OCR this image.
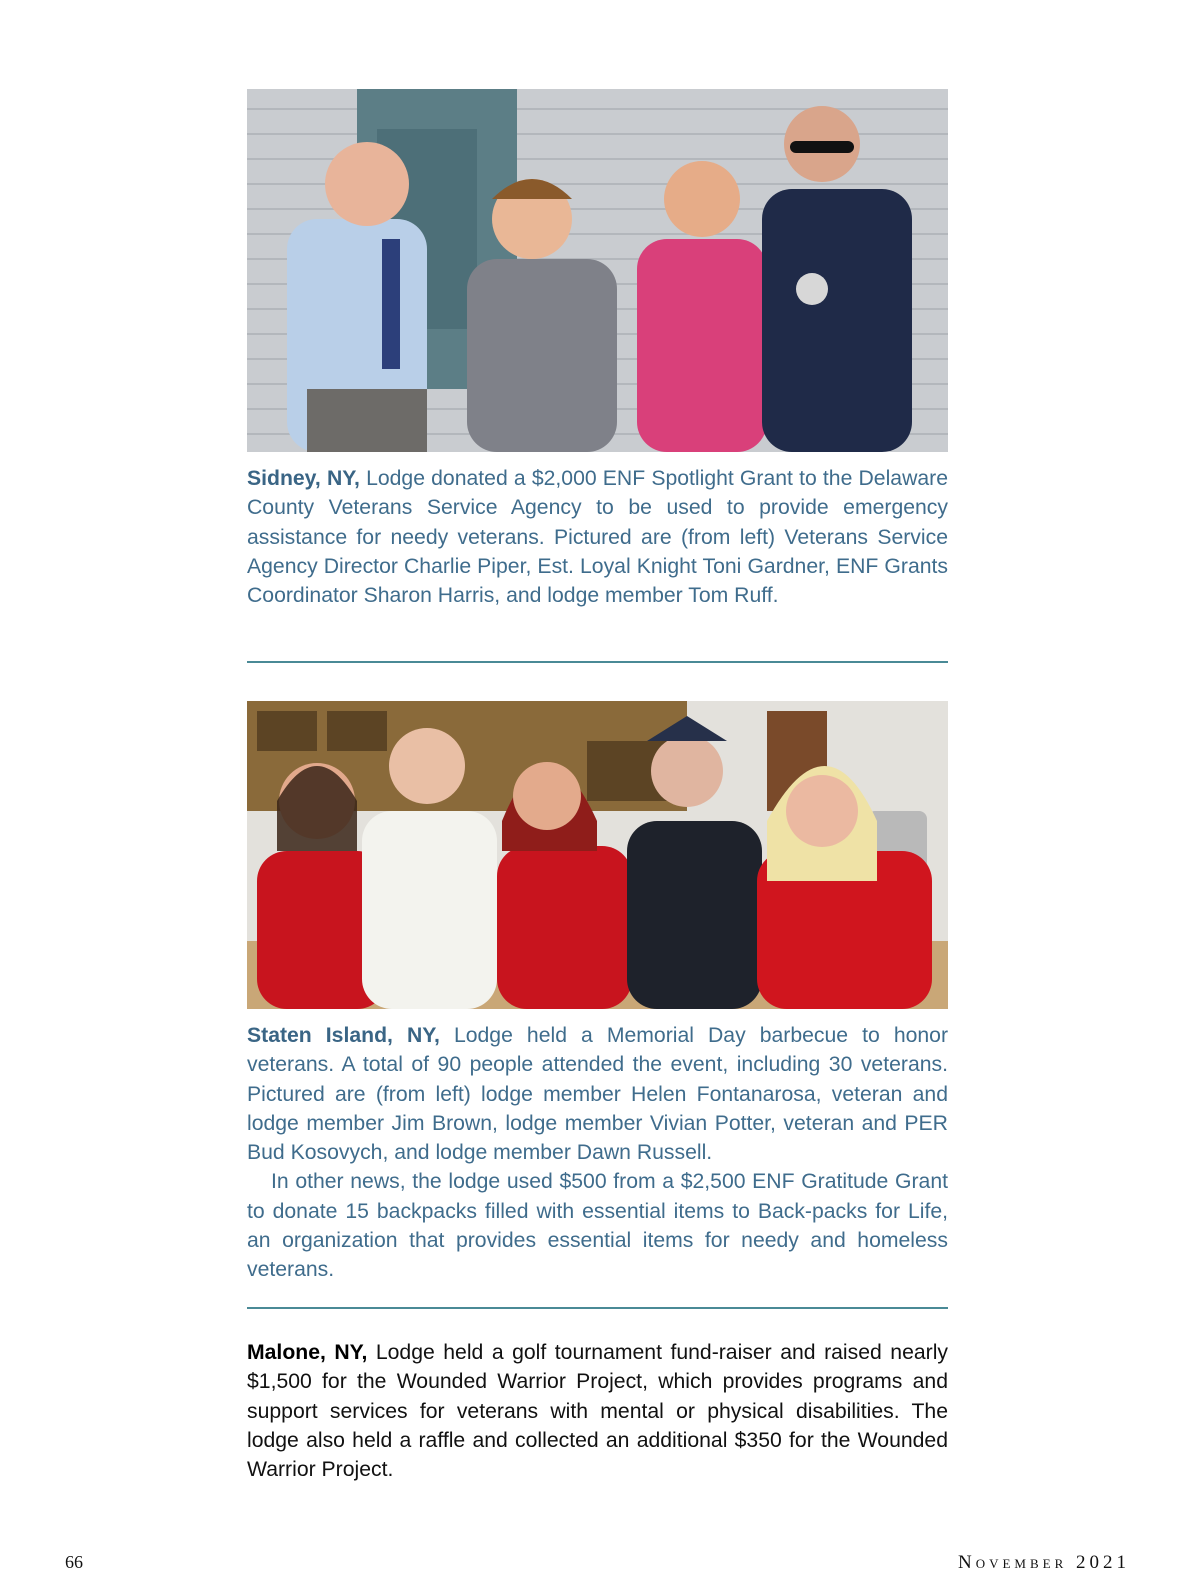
Sidney, NY, Lodge donated a $2,000 ENF Spotlight Grant to the Delaware County Veterans Service Agency to be used to provide emergency assistance for needy veterans. Pictured are (from left) Veterans Service Agency Director Charlie Piper, Est. Loyal Knight Toni Gardner, ENF Grants Coordinator Sharon Harris, and lodge member Tom Ruff.

Staten Island, NY, Lodge held a Memorial Day barbecue to honor veterans. A total of 90 people attended the event, including 30 veterans. Pictured are (from left) lodge member Helen Fontanarosa, veteran and lodge member Jim Brown, lodge member Vivian Potter, veteran and PER Bud Kosovych, and lodge member Dawn Russell.

In other news, the lodge used $500 from a $2,500 ENF Gratitude Grant to donate 15 backpacks filled with essential items to Back-packs for Life, an organization that provides essential items for needy and homeless veterans.

Malone, NY, Lodge held a golf tournament fund-raiser and raised nearly $1,500 for the Wounded Warrior Project, which provides programs and support services for veterans with mental or physical disabilities. The lodge also held a raffle and collected an additional $350 for the Wounded Warrior Project.

66	November 2021
